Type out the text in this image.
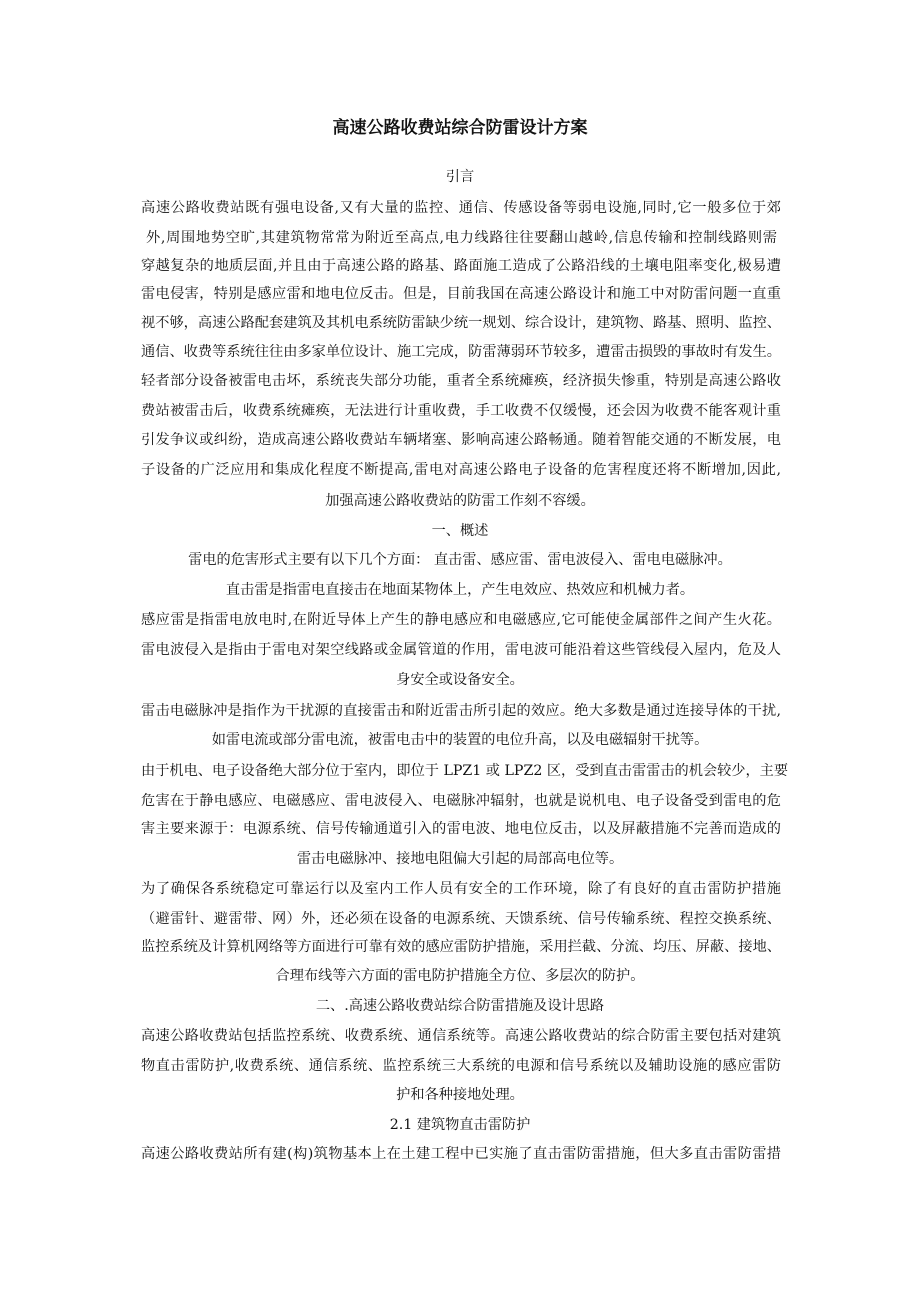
高速公路收费站综合防雷设计方案

引言

高速公路收费站既有强电设备,又有大量的监控、通信、传感设备等弱电设施,同时,它一般多位于郊

外,周围地势空旷,其建筑物常常为附近至高点,电力线路往往要翻山越岭,信息传输和控制线路则需

穿越复杂的地质层面,并且由于高速公路的路基、路面施工造成了公路沿线的土壤电阻率变化,极易遭

雷电侵害，特别是感应雷和地电位反击。但是，目前我国在高速公路设计和施工中对防雷问题一直重

视不够，高速公路配套建筑及其机电系统防雷缺少统一规划、综合设计，建筑物、路基、照明、监控、

通信、收费等系统往往由多家单位设计、施工完成，防雷薄弱环节较多，遭雷击损毁的事故时有发生。

轻者部分设备被雷电击坏，系统丧失部分功能，重者全系统瘫痪，经济损失惨重，特别是高速公路收

费站被雷击后，收费系统瘫痪，无法进行计重收费，手工收费不仅缓慢，还会因为收费不能客观计重

引发争议或纠纷，造成高速公路收费站车辆堵塞、影响高速公路畅通。随着智能交通的不断发展，电

子设备的广泛应用和集成化程度不断提高,雷电对高速公路电子设备的危害程度还将不断增加,因此,

加强高速公路收费站的防雷工作刻不容缓。

一、概述

雷电的危害形式主要有以下几个方面： 直击雷、感应雷、雷电波侵入、雷电电磁脉冲。

直击雷是指雷电直接击在地面某物体上，产生电效应、热效应和机械力者。

感应雷是指雷电放电时,在附近导体上产生的静电感应和电磁感应,它可能使金属部件之间产生火花。

雷电波侵入是指由于雷电对架空线路或金属管道的作用，雷电波可能沿着这些管线侵入屋内，危及人

身安全或设备安全。

雷击电磁脉冲是指作为干扰源的直接雷击和附近雷击所引起的效应。绝大多数是通过连接导体的干扰,

如雷电流或部分雷电流，被雷电击中的装置的电位升高，以及电磁辐射干扰等。

由于机电、电子设备绝大部分位于室内，即位于 LPZ1 或 LPZ2 区，受到直击雷雷击的机会较少，主要

危害在于静电感应、电磁感应、雷电波侵入、电磁脉冲辐射，也就是说机电、电子设备受到雷电的危

害主要来源于：电源系统、信号传输通道引入的雷电波、地电位反击，以及屏蔽措施不完善而造成的

雷击电磁脉冲、接地电阻偏大引起的局部高电位等。

为了确保各系统稳定可靠运行以及室内工作人员有安全的工作环境，除了有良好的直击雷防护措施

（避雷针、避雷带、网）外，还必须在设备的电源系统、天馈系统、信号传输系统、程控交换系统、

监控系统及计算机网络等方面进行可靠有效的感应雷防护措施，采用拦截、分流、均压、屏蔽、接地、

合理布线等六方面的雷电防护措施全方位、多层次的防护。

二、.高速公路收费站综合防雷措施及设计思路

高速公路收费站包括监控系统、收费系统、通信系统等。高速公路收费站的综合防雷主要包括对建筑

物直击雷防护,收费系统、通信系统、监控系统三大系统的电源和信号系统以及辅助设施的感应雷防

护和各种接地处理。

2.1 建筑物直击雷防护

高速公路收费站所有建(构)筑物基本上在土建工程中已实施了直击雷防雷措施，但大多直击雷防雷措
